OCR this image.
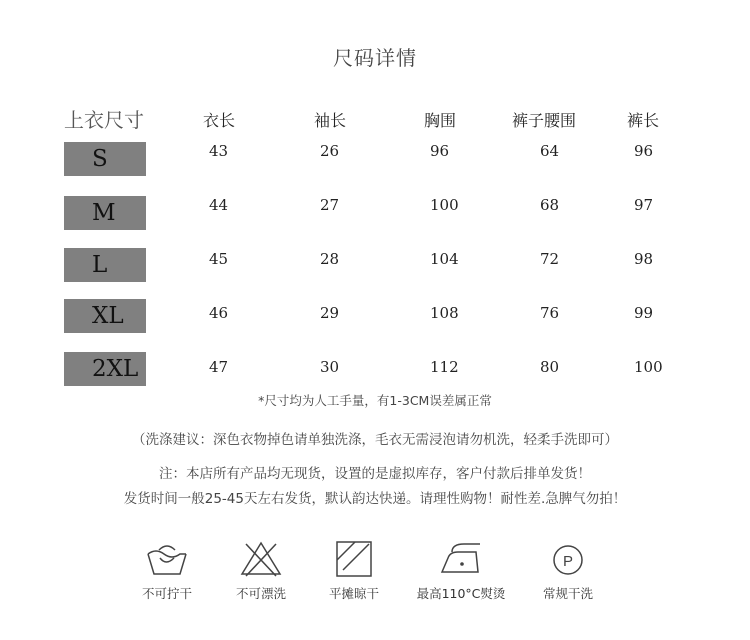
尺码详情
上衣尺寸	衣长	袖长	胸围	裤子腰围	裤长
S	43	26	96	64	96
M	44	27	100	68	97
L	45	28	104	72	98
XL	46	29	108	76	99
2XL	47	30	112	80	100
*尺寸均为人工手量，有1-3CM误差属正常
（洗涤建议：深色衣物掉色请单独洗涤，毛衣无需浸泡请勿机洗，轻柔手洗即可）
注：本店所有产品均无现货，设置的是虚拟库存，客户付款后排单发货！
发货时间一般25-45天左右发货，默认韵达快递。请理性购物！耐性差.急脾气勿拍！
不可拧干	不可漂洗	平摊晾干	最高110°C熨烫
P
常规干洗
